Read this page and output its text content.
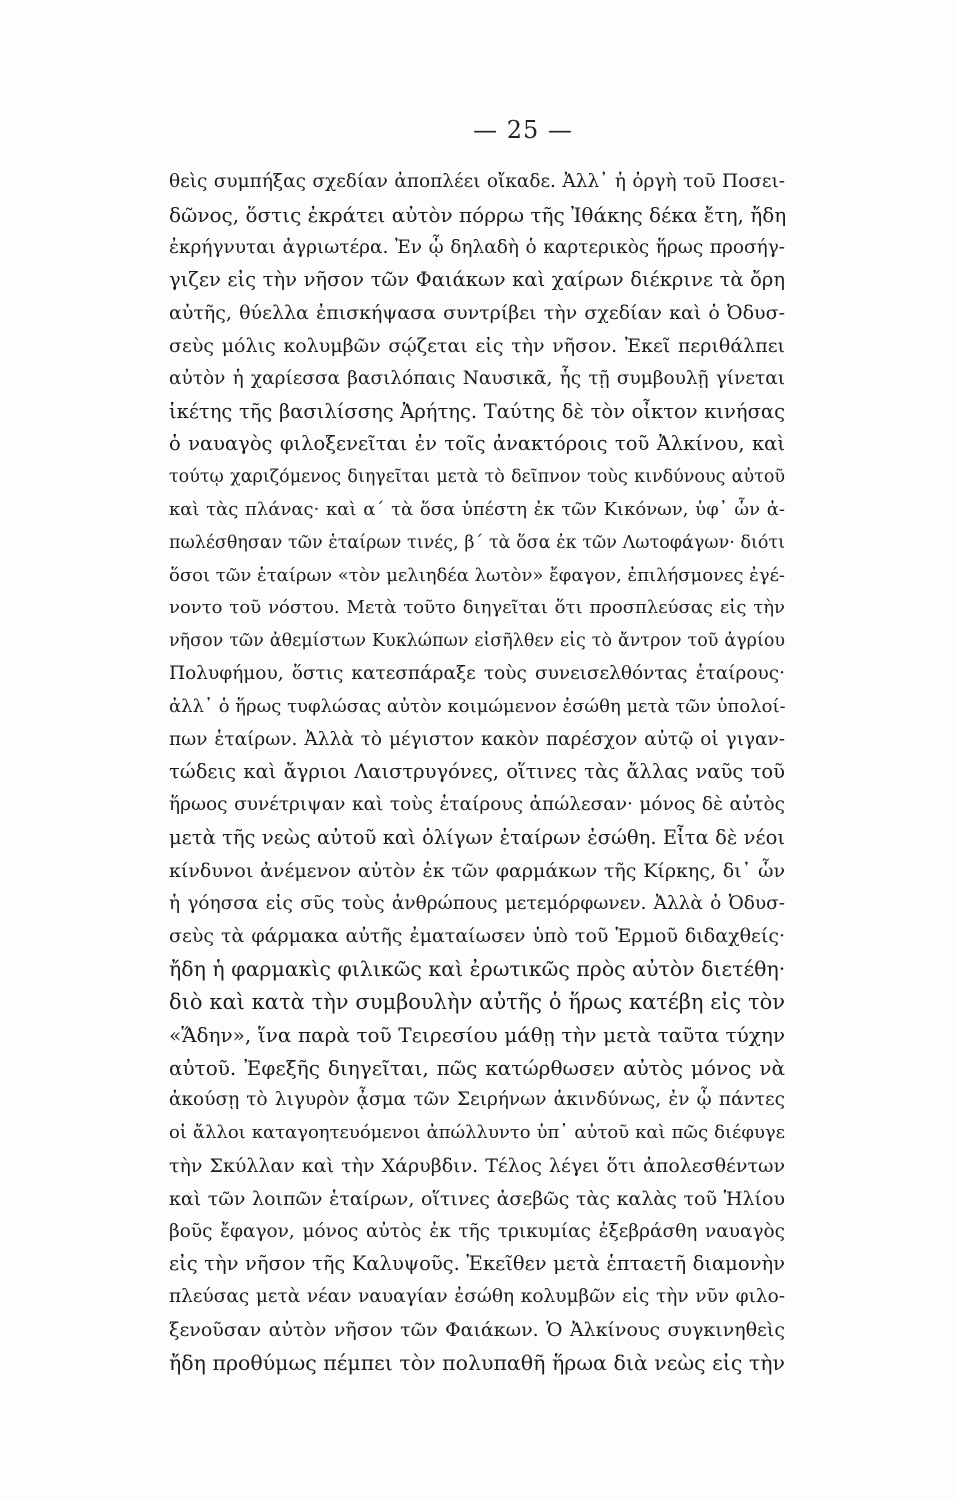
— 25 —
θεὶς συμπήξας σχεδίαν ἀποπλέει οἴκαδε. Ἀλλ᾽ ἡ ὀργὴ τοῦ Ποσει-
δῶνος, ὅστις ἐκράτει αὐτὸν πόρρω τῆς Ἰθάκης δέκα ἔτη, ἤδη
ἐκρήγνυται ἀγριωτέρα. Ἐν ᾧ δηλαδὴ ὁ καρτερικὸς ἥρως προσήγ-
γιζεν εἰς τὴν νῆσον τῶν Φαιάκων καὶ χαίρων διέκρινε τὰ ὄρη
αὐτῆς, θύελλα ἐπισκήψασα συντρίβει τὴν σχεδίαν καὶ ὁ Ὀδυσ-
σεὺς μόλις κολυμβῶν σῴζεται εἰς τὴν νῆσον. Ἐκεῖ περιθάλπει
αὐτὸν ἡ χαρίεσσα βασιλόπαις Ναυσικᾶ, ἧς τῇ συμβουλῇ γίνεται
ἱκέτης τῆς βασιλίσσης Ἀρήτης. Ταύτης δὲ τὸν οἶκτον κινήσας
ὁ ναυαγὸς φιλοξενεῖται ἐν τοῖς ἀνακτόροις τοῦ Ἀλκίνου, καὶ
τούτῳ χαριζόμενος διηγεῖται μετὰ τὸ δεῖπνον τοὺς κινδύνους αὐτοῦ
καὶ τὰς πλάνας· καὶ α´ τὰ ὅσα ὑπέστη ἐκ τῶν Κικόνων, ὑφ᾽ ὧν ἀ-
πωλέσθησαν τῶν ἑταίρων τινές, β´ τὰ ὅσα ἐκ τῶν Λωτοφάγων· διότι
ὅσοι τῶν ἑταίρων «τὸν μελιηδέα λωτὸν» ἔφαγον, ἐπιλήσμονες ἐγέ-
νοντο τοῦ νόστου. Μετὰ τοῦτο διηγεῖται ὅτι προσπλεύσας εἰς τὴν
νῆσον τῶν ἀθεμίστων Κυκλώπων εἰσῆλθεν εἰς τὸ ἄντρον τοῦ ἀγρίου
Πολυφήμου, ὅστις κατεσπάραξε τοὺς συνεισελθόντας ἑταίρους·
ἀλλ᾽ ὁ ἥρως τυφλώσας αὐτὸν κοιμώμενον ἐσώθη μετὰ τῶν ὑπολοί-
πων ἑταίρων. Ἀλλὰ τὸ μέγιστον κακὸν παρέσχον αὐτῷ οἱ γιγαν-
τώδεις καὶ ἄγριοι Λαιστρυγόνες, οἵτινες τὰς ἄλλας ναῦς τοῦ
ἥρωος συνέτριψαν καὶ τοὺς ἑταίρους ἀπώλεσαν· μόνος δὲ αὐτὸς
μετὰ τῆς νεὼς αὐτοῦ καὶ ὀλίγων ἑταίρων ἐσώθη. Εἶτα δὲ νέοι
κίνδυνοι ἀνέμενον αὐτὸν ἐκ τῶν φαρμάκων τῆς Κίρκης, δι᾽ ὧν
ἡ γόησσα εἰς σῦς τοὺς ἀνθρώπους μετεμόρφωνεν. Ἀλλὰ ὁ Ὀδυσ-
σεὺς τὰ φάρμακα αὐτῆς ἐματαίωσεν ὑπὸ τοῦ Ἑρμοῦ διδαχθείς·
ἤδη ἡ φαρμακὶς φιλικῶς καὶ ἐρωτικῶς πρὸς αὐτὸν διετέθη·
διὸ καὶ κατὰ τὴν συμβουλὴν αὐτῆς ὁ ἥρως κατέβη εἰς τὸν
«Ἅδην», ἵνα παρὰ τοῦ Τειρεσίου μάθῃ τὴν μετὰ ταῦτα τύχην
αὐτοῦ. Ἐφεξῆς διηγεῖται, πῶς κατώρθωσεν αὐτὸς μόνος νὰ
ἀκούσῃ τὸ λιγυρὸν ᾆσμα τῶν Σειρήνων ἀκινδύνως, ἐν ᾧ πάντες
οἱ ἄλλοι καταγοητευόμενοι ἀπώλλυντο ὑπ᾽ αὐτοῦ καὶ πῶς διέφυγε
τὴν Σκύλλαν καὶ τὴν Χάρυβδιν. Τέλος λέγει ὅτι ἀπολεσθέντων
καὶ τῶν λοιπῶν ἑταίρων, οἵτινες ἀσεβῶς τὰς καλὰς τοῦ Ἡλίου
βοῦς ἔφαγον, μόνος αὐτὸς ἐκ τῆς τρικυμίας ἐξεβράσθη ναυαγὸς
εἰς τὴν νῆσον τῆς Καλυψοῦς. Ἐκεῖθεν μετὰ ἑπταετῆ διαμονὴν
πλεύσας μετὰ νέαν ναυαγίαν ἐσώθη κολυμβῶν εἰς τὴν νῦν φιλο-
ξενοῦσαν αὐτὸν νῆσον τῶν Φαιάκων. Ὁ Ἀλκίνους συγκινηθεὶς
ἤδη προθύμως πέμπει τὸν πολυπαθῆ ἥρωα διὰ νεὼς εἰς τὴν
